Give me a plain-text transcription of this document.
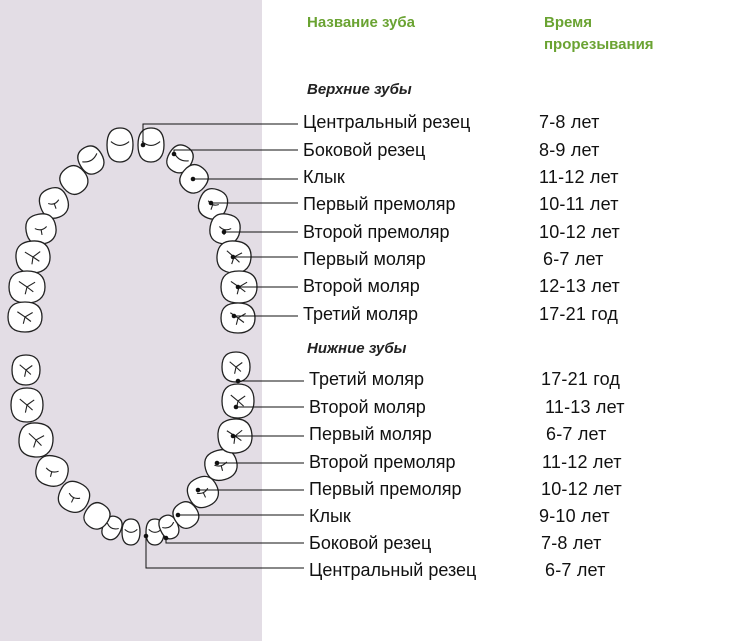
Название зуба	Время
прорезывания
Верхние зубы
Нижние зубы
Центральный резец	7-8 лет
Боковой резец	8-9 лет
Клык	11-12 лет
Первый премоляр	10-11 лет
Второй премоляр	10-12 лет
Первый моляр	6-7 лет
Второй моляр	12-13 лет
Третий моляр	17-21 год
Третий моляр	17-21 год
Второй моляр	11-13 лет
Первый моляр	6-7 лет
Второй премоляр	11-12 лет
Первый премоляр	10-12 лет
Клык	9-10 лет
Боковой резец	7-8 лет
Центральный резец	6-7 лет
